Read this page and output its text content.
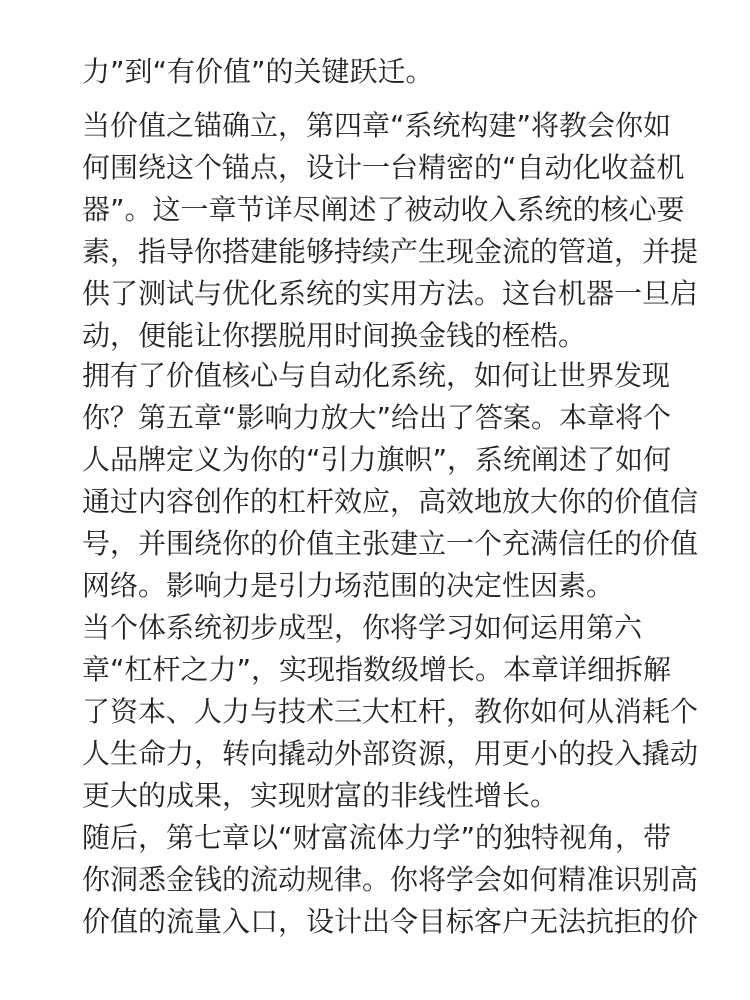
力”到“有价值”的关键跃迁。

当价值之锚确立，第四章“系统构建”将教会你如

何围绕这个锚点，设计一台精密的“自动化收益机

器”。这一章节详尽阐述了被动收入系统的核心要

素，指导你搭建能够持续产生现金流的管道，并提

供了测试与优化系统的实用方法。这台机器一旦启

动，便能让你摆脱用时间换金钱的桎梏。

拥有了价值核心与自动化系统，如何让世界发现

你？第五章“影响力放大”给出了答案。本章将个

人品牌定义为你的“引力旗帜”，系统阐述了如何

通过内容创作的杠杆效应，高效地放大你的价值信

号，并围绕你的价值主张建立一个充满信任的价值

网络。影响力是引力场范围的决定性因素。

当个体系统初步成型，你将学习如何运用第六

章“杠杆之力”，实现指数级增长。本章详细拆解

了资本、人力与技术三大杠杆，教你如何从消耗个

人生命力，转向撬动外部资源，用更小的投入撬动

更大的成果，实现财富的非线性增长。

随后，第七章以“财富流体力学”的独特视角，带

你洞悉金钱的流动规律。你将学会如何精准识别高

价值的流量入口，设计出令目标客户无法抗拒的价
